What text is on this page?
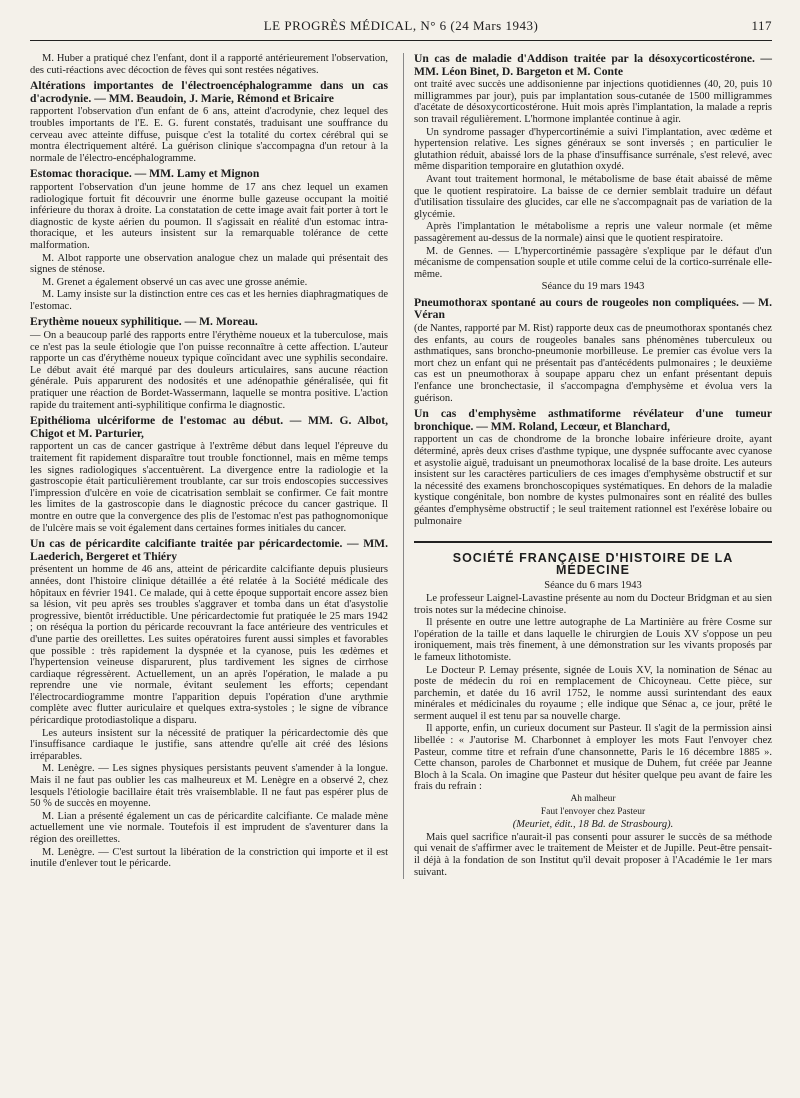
LE PROGRÈS MÉDICAL, N° 6 (24 Mars 1943)	117

M. Huber a pratiqué chez l'enfant, dont il a rapporté antérieurement l'observation, des cuti-réactions avec décoction de fèves qui sont restées négatives.

Altérations importantes de l'électroencéphalogramme dans un cas d'acrodynie. — MM. Beaudoin, J. Marie, Rémond et Bricaire

rapportent l'observation d'un enfant de 6 ans, atteint d'acrodynie, chez lequel des troubles importants de l'E. E. G. furent constatés, traduisant une souffrance du cerveau avec atteinte diffuse, puisque c'est la totalité du cortex cérébral qui se montra électriquement altéré. La guérison clinique s'accompagna d'un retour à la normale de l'électro-encéphalogramme.

Estomac thoracique. — MM. Lamy et Mignon

rapportent l'observation d'un jeune homme de 17 ans chez lequel un examen radiologique fortuit fit découvrir une énorme bulle gazeuse occupant la moitié inférieure du thorax à droite. La constatation de cette image avait fait porter à tort le diagnostic de kyste aérien du poumon. Il s'agissait en réalité d'un estomac intra-thoracique, et les auteurs insistent sur la remarquable tolérance de cette malformation.

M. Albot rapporte une observation analogue chez un malade qui présentait des signes de sténose.

M. Grenet a également observé un cas avec une grosse anémie.

M. Lamy insiste sur la distinction entre ces cas et les hernies diaphragmatiques de l'estomac.

Erythème noueux syphilitique. — M. Moreau.

— On a beaucoup parlé des rapports entre l'érythème noueux et la tuberculose, mais ce n'est pas la seule étiologie que l'on puisse reconnaître à cette affection. L'auteur rapporte un cas d'érythème noueux typique coïncidant avec une syphilis secondaire. Le début avait été marqué par des douleurs articulaires, sans aucune réaction générale. Puis apparurent des nodosités et une adénopathie généralisée, qui fit pratiquer une réaction de Bordet-Wassermann, laquelle se montra positive. L'action rapide du traitement anti-syphilitique confirma le diagnostic.

Epithélioma ulcériforme de l'estomac au début. — MM. G. Albot, Chigot et M. Parturier,

rapportent un cas de cancer gastrique à l'extrême début dans lequel l'épreuve du traitement fit rapidement disparaître tout trouble fonctionnel, mais en même temps les signes radiologiques s'accentuèrent. La divergence entre la radiologie et la gastroscopie était particulièrement troublante, car sur trois endoscopies successives l'impression d'ulcère en voie de cicatrisation semblait se confirmer. Ce fait montre les limites de la gastroscopie dans le diagnostic précoce du cancer gastrique. Il montre en outre que la convergence des plis de l'estomac n'est pas pathognomonique de l'ulcère mais se voit également dans certaines formes initiales du cancer.

Un cas de péricardite calcifiante traitée par péricardectomie. — MM. Laederich, Bergeret et Thiéry

présentent un homme de 46 ans, atteint de péricardite calcifiante depuis plusieurs années, dont l'histoire clinique détaillée a été relatée à la Société médicale des hôpitaux en février 1941. Ce malade, qui à cette époque supportait encore assez bien sa lésion, vit peu après ses troubles s'aggraver et tomba dans un état d'asystolie progressive, bientôt irréductible. Une péricardectomie fut pratiquée le 25 mars 1942 ; on réséqua la portion du péricarde recouvrant la face antérieure des ventricules et d'une partie des oreillettes. Les suites opératoires furent aussi simples et favorables que possible : très rapidement la dyspnée et la cyanose, puis les œdèmes et l'hypertension veineuse disparurent, plus tardivement les signes de cirrhose cardiaque régressèrent. Actuellement, un an après l'opération, le malade a pu reprendre une vie normale, évitant seulement les efforts; cependant l'électrocardiogramme montre l'apparition depuis l'opération d'une arythmie complète avec flutter auriculaire et quelques extra-systoles ; le signe de vibrance péricardique protodiastolique a disparu.

Les auteurs insistent sur la nécessité de pratiquer la péricardectomie dès que l'insuffisance cardiaque le justifie, sans attendre qu'elle ait créé des lésions irréparables.

M. Lenègre. — Les signes physiques persistants peuvent s'amender à la longue. Mais il ne faut pas oublier les cas malheureux et M. Lenègre en a observé 2, chez lesquels l'étiologie bacillaire était très vraisemblable. Il ne faut pas espérer plus de 50 % de succès en moyenne.

M. Lian a présenté également un cas de péricardite calcifiante. Ce malade mène actuellement une vie normale. Toutefois il est imprudent de s'aventurer dans la région des oreillettes.

M. Lenègre. — C'est surtout la libération de la constriction qui importe et il est inutile d'enlever tout le péricarde.

Un cas de maladie d'Addison traitée par la désoxycorticostérone. — MM. Léon Binet, D. Bargeton et M. Conte

ont traité avec succès une addisonienne par injections quotidiennes (40, 20, puis 10 milligrammes par jour), puis par implantation sous-cutanée de 1500 milligrammes d'acétate de désoxycorticostérone. Huit mois après l'implantation, la malade a repris son travail régulièrement. L'hormone implantée continue à agir.

Un syndrome passager d'hypercortinémie a suivi l'implantation, avec œdème et hypertension relative. Les signes généraux se sont inversés ; en particulier le glutathion réduit, abaissé lors de la phase d'insuffisance surrénale, s'est relevé, avec même disparition temporaire en glutathion oxydé.

Avant tout traitement hormonal, le métabolisme de base était abaissé de même que le quotient respiratoire. La baisse de ce dernier semblait traduire un défaut d'utilisation tissulaire des glucides, car elle ne s'accompagnait pas de variation de la glycémie.

Après l'implantation le métabolisme a repris une valeur normale (et même passagèrement au-dessus de la normale) ainsi que le quotient respiratoire.

M. de Gennes. — L'hypercortinémie passagère s'explique par le défaut d'un mécanisme de compensation souple et utile comme celui de la cortico-surrénale elle-même.

Séance du 19 mars 1943

Pneumothorax spontané au cours de rougeoles non compliquées. — M. Véran

(de Nantes, rapporté par M. Rist) rapporte deux cas de pneumothorax spontanés chez des enfants, au cours de rougeoles banales sans phénomènes tuberculeux ou asthmatiques, sans broncho-pneumonie morbilleuse. Le premier cas évolue vers la mort chez un enfant qui ne présentait pas d'antécédents pulmonaires ; le deuxième cas est un pneumothorax à soupape apparu chez un enfant présentant depuis l'enfance une bronchectasie, il s'accompagna d'emphysème et évolua vers la guérison.

Un cas d'emphysème asthmatiforme révélateur d'une tumeur bronchique. — MM. Roland, Lecœur, et Blanchard,

rapportent un cas de chondrome de la bronche lobaire inférieure droite, ayant déterminé, après deux crises d'asthme typique, une dyspnée suffocante avec cyanose et asystolie aiguë, traduisant un pneumothorax localisé de la base droite. Les auteurs insistent sur les caractères particuliers de ces images d'emphysème obstructif et sur la nécessité des examens bronchoscopiques systématiques. En dehors de la maladie kystique congénitale, bon nombre de kystes pulmonaires sont en réalité des bulles géantes d'emphysème obstructif ; le seul traitement rationnel est l'exérèse lobaire ou pulmonaire

SOCIÉTÉ FRANÇAISE D'HISTOIRE DE LA MÉDECINE

Séance du 6 mars 1943

Le professeur Laignel-Lavastine présente au nom du Docteur Bridgman et au sien trois notes sur la médecine chinoise.

Il présente en outre une lettre autographe de La Martinière au frère Cosme sur l'opération de la taille et dans laquelle le chirurgien de Louis XV s'oppose un peu ironiquement, mais très finement, à une démonstration sur les vivants proposés par le fameux lithotomiste.

Le Docteur P. Lemay présente, signée de Louis XV, la nomination de Sénac au poste de médecin du roi en remplacement de Chicoyneau. Cette pièce, sur parchemin, et datée du 16 avril 1752, le nomme aussi surintendant des eaux minérales et médicinales du royaume ; elle indique que Sénac a, ce jour, prêté le serment auquel il est tenu par sa nouvelle charge.

Il apporte, enfin, un curieux document sur Pasteur. Il s'agit de la permission ainsi libellée : « J'autorise M. Charbonnet à employer les mots Faut l'envoyer chez Pasteur, comme titre et refrain d'une chansonnette, Paris le 16 décembre 1885 ». Cette chanson, paroles de Charbonnet et musique de Duhem, fut créée par Jeanne Bloch à la Scala. On imagine que Pasteur dut hésiter quelque peu avant de faire les frais du refrain :

Ah malheur

Faut l'envoyer chez Pasteur

(Meuriet, édit., 18 Bd. de Strasbourg).

Mais quel sacrifice n'aurait-il pas consenti pour assurer le succès de sa méthode qui venait de s'affirmer avec le traitement de Meister et de Jupille. Peut-être pensait-il déjà à la fondation de son Institut qu'il devait proposer à l'Académie le 1er mars suivant.
